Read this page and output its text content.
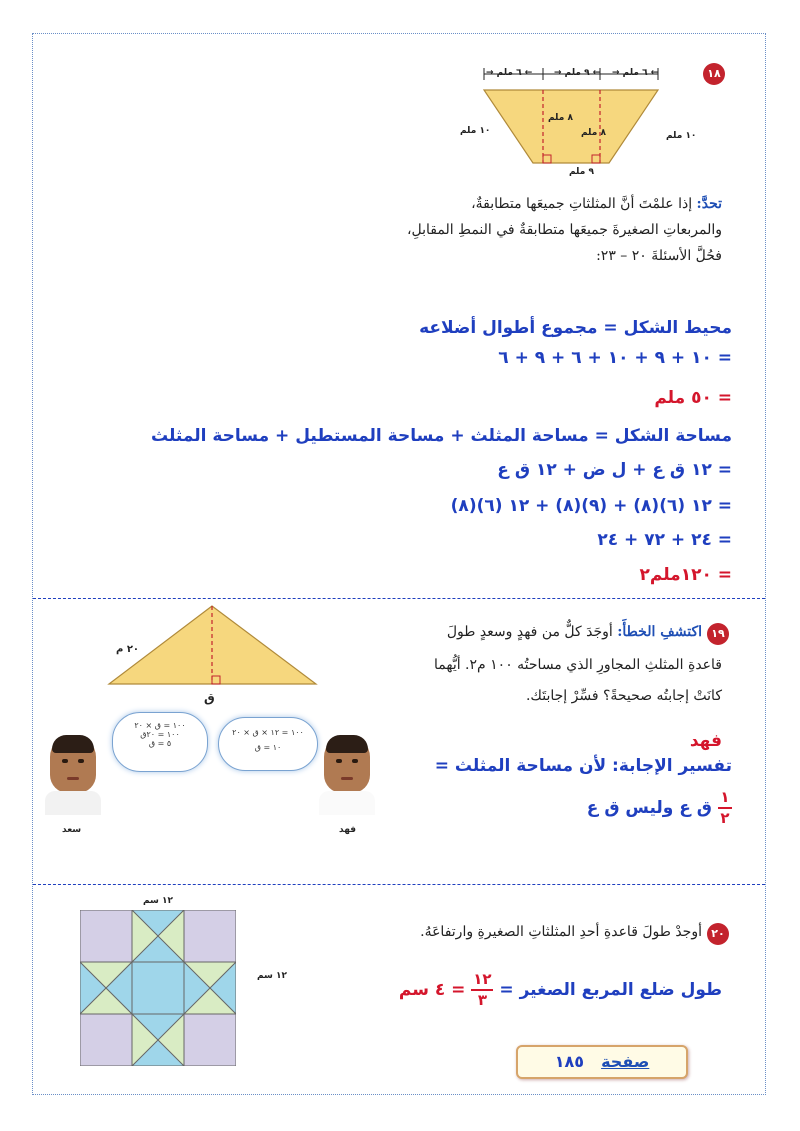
١٨
← ٦ ملم → ← ٩ ملم → ← ٦ ملم →
١٠ ملم	١٠ ملم
٨ ملم
٨ ملم
٩ ملم
تحدَّ: إذا علمْتَ أنَّ المثلثاتِ جميعَها متطابقةٌ،
والمربعاتِ الصغيرةَ جميعَها متطابقةٌ في النمطِ المقابلِ،
فحُلَّ الأسئلةَ ٢٠ – ٢٣:
محيط الشكل = مجموع أطوال أضلاعه
= ١٠ + ٩ + ١٠ + ٦ + ٩ + ٦
= ٥٠ ملم
مساحة الشكل = مساحة المثلث + مساحة المستطيل + مساحة المثلث
= ١٢ ق ع + ل ض + ١٢ ق ع
= ١٢ (٦)(٨) + (٩)(٨) + ١٢ (٦)(٨)
= ٢٤ + ٧٢ + ٢٤
= ١٢٠ملم٢
١٩
اكتشفِ الخطأَ: أوجَدَ كلٌّ من فهدٍ وسعدٍ طولَ
قاعدةِ المثلثِ المجاورِ الذي مساحتُه ١٠٠ م٢. أيُّهما
كانَتْ إجابتُه صحيحةً؟ فسِّرْ إجابتَك.
٢٠ م
ق
١٠٠ = ق × ٢٠
١٠٠ = ٢٠ق
٥ = ق
١٠٠ = ١٢ × ق × ٢٠
١٠ = ق
سعد	فهد
فهد
تفسير الإجابة: لأن مساحة المثلث =
١
٢
ق ع وليس ق ع
١٢ سم
١٢ سم
٢٠
أوجدْ طولَ قاعدةِ أحدِ المثلثاتِ الصغيرةِ وارتفاعَهُ.
طول ضلع المربع الصغير =
١٢
٣
= ٤ سم
صفحة ١٨٥
